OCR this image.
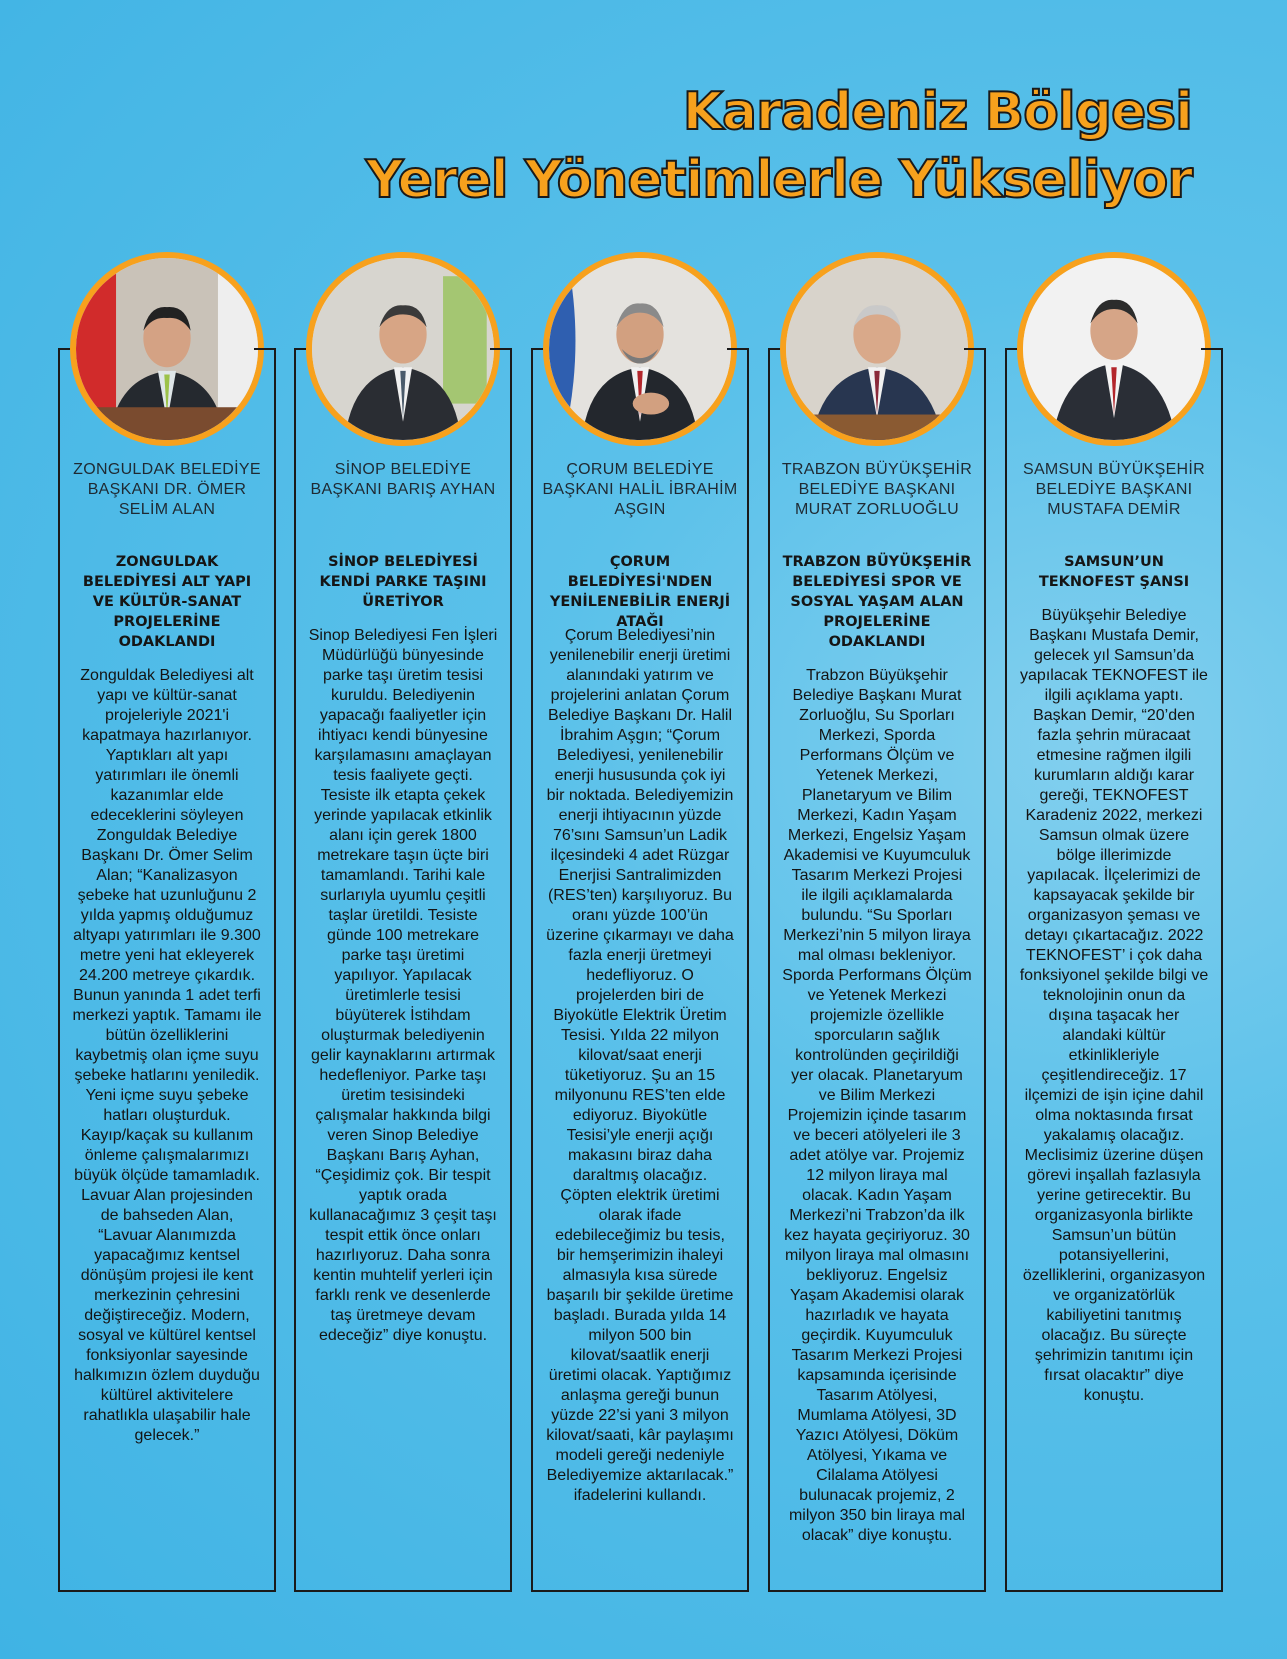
Karadeniz Bölgesi
Yerel Yönetimlerle Yükseliyor
ZONGULDAK BELEDİYE BAŞKANI DR. ÖMER SELİM ALAN
ZONGULDAK BELEDİYESİ ALT YAPI VE KÜLTÜR-SANAT PROJELERİNE ODAKLANDI
Zonguldak Belediyesi alt yapı ve kültür-sanat projeleriyle 2021'i kapatmaya hazırlanıyor. Yaptıkları alt yapı yatırımları ile önemli kazanımlar elde edeceklerini söyleyen Zonguldak Belediye Başkanı Dr. Ömer Selim Alan; “Kanalizasyon şebeke hat uzunluğunu 2 yılda yapmış olduğumuz altyapı yatırımları ile 9.300 metre yeni hat ekleyerek 24.200 metreye çıkardık. Bunun yanında 1 adet terfi merkezi yaptık. Tamamı ile bütün özelliklerini kaybetmiş olan içme suyu şebeke hatlarını yeniledik. Yeni içme suyu şebeke hatları oluşturduk. Kayıp/kaçak su kullanım önleme çalışmalarımızı büyük ölçüde tamamladık. Lavuar Alan projesinden de bahseden Alan, “Lavuar Alanımızda yapacağımız kentsel dönüşüm projesi ile kent merkezinin çehresini değiştireceğiz. Modern, sosyal ve kültürel kentsel fonksiyonlar sayesinde halkımızın özlem duyduğu kültürel aktivitelere rahatlıkla ulaşabilir hale gelecek.”
SİNOP BELEDİYE BAŞKANI BARIŞ AYHAN
SİNOP BELEDİYESİ KENDİ PARKE TAŞINI ÜRETİYOR
Sinop Belediyesi Fen İşleri Müdürlüğü bünyesinde parke taşı üretim tesisi kuruldu. Belediyenin yapacağı faaliyetler için ihtiyacı kendi bünyesine karşılamasını amaçlayan tesis faaliyete geçti. Tesiste ilk etapta çekek yerinde yapılacak etkinlik alanı için gerek 1800 metrekare taşın üçte biri tamamlandı. Tarihi kale surlarıyla uyumlu çeşitli taşlar üretildi. Tesiste günde 100 metrekare parke taşı üretimi yapılıyor. Yapılacak üretimlerle tesisi büyüterek İstihdam oluşturmak belediyenin gelir kaynaklarını artırmak hedefleniyor. Parke taşı üretim tesisindeki çalışmalar hakkında bilgi veren Sinop Belediye Başkanı Barış Ayhan, “Çeşidimiz çok. Bir tespit yaptık orada kullanacağımız 3 çeşit taşı tespit ettik önce onları hazırlıyoruz. Daha sonra kentin muhtelif yerleri için farklı renk ve desenlerde taş üretmeye devam edeceğiz” diye konuştu.
ÇORUM BELEDİYE BAŞKANI HALİL İBRAHİM AŞGIN
ÇORUM BELEDİYESİ'NDEN YENİLENEBİLİR ENERJİ ATAĞI
Çorum Belediyesi’nin yenilenebilir enerji üretimi alanındaki yatırım ve projelerini anlatan Çorum Belediye Başkanı Dr. Halil İbrahim Aşgın; “Çorum Belediyesi, yenilenebilir enerji hususunda çok iyi bir noktada. Belediyemizin enerji ihtiyacının yüzde 76’sını Samsun’un Ladik ilçesindeki 4 adet Rüzgar Enerjisi Santralimizden (RES’ten) karşılıyoruz. Bu oranı yüzde 100’ün üzerine çıkarmayı ve daha fazla enerji üretmeyi hedefliyoruz. O projelerden biri de Biyokütle Elektrik Üretim Tesisi. Yılda 22 milyon kilovat/saat enerji tüketiyoruz. Şu an 15 milyonunu RES’ten elde ediyoruz. Biyokütle Tesisi’yle enerji açığı makasını biraz daha daraltmış olacağız. Çöpten elektrik üretimi olarak ifade edebileceğimiz bu tesis, bir hemşerimizin ihaleyi almasıyla kısa sürede başarılı bir şekilde üretime başladı. Burada yılda 14 milyon 500 bin kilovat/saatlik enerji üretimi olacak. Yaptığımız anlaşma gereği bunun yüzde 22’si yani 3 milyon kilovat/saati, kâr paylaşımı modeli gereği nedeniyle Belediyemize aktarılacak.” ifadelerini kullandı.
TRABZON BÜYÜKŞEHİR BELEDİYE BAŞKANI MURAT ZORLUOĞLU
TRABZON BÜYÜKŞEHİR BELEDİYESİ SPOR VE SOSYAL YAŞAM ALAN PROJELERİNE ODAKLANDI
Trabzon Büyükşehir Belediye Başkanı Murat Zorluoğlu, Su Sporları Merkezi, Sporda Performans Ölçüm ve Yetenek Merkezi, Planetaryum ve Bilim Merkezi, Kadın Yaşam Merkezi, Engelsiz Yaşam Akademisi ve Kuyumculuk Tasarım Merkezi Projesi ile ilgili açıklamalarda bulundu. “Su Sporları Merkezi’nin 5 milyon liraya mal olması bekleniyor. Sporda Performans Ölçüm ve Yetenek Merkezi projemizle özellikle sporcuların sağlık kontrolünden geçirildiği yer olacak. Planetaryum ve Bilim Merkezi Projemizin içinde tasarım ve beceri atölyeleri ile 3 adet atölye var. Projemiz 12 milyon liraya mal olacak. Kadın Yaşam Merkezi’ni Trabzon’da ilk kez hayata geçiriyoruz. 30 milyon liraya mal olmasını bekliyoruz. Engelsiz Yaşam Akademisi olarak hazırladık ve hayata geçirdik. Kuyumculuk Tasarım Merkezi Projesi kapsamında içerisinde Tasarım Atölyesi, Mumlama Atölyesi, 3D Yazıcı Atölyesi, Döküm Atölyesi, Yıkama ve Cilalama Atölyesi bulunacak projemiz, 2 milyon 350 bin liraya mal olacak” diye konuştu.
SAMSUN BÜYÜKŞEHİR BELEDİYE BAŞKANI MUSTAFA DEMİR
SAMSUN’UN TEKNOFEST ŞANSI
Büyükşehir Belediye Başkanı Mustafa Demir, gelecek yıl Samsun’da yapılacak TEKNOFEST ile ilgili açıklama yaptı. Başkan Demir, “20’den fazla şehrin müracaat etmesine rağmen ilgili kurumların aldığı karar gereği, TEKNOFEST Karadeniz 2022, merkezi Samsun olmak üzere bölge illerimizde yapılacak. İlçelerimizi de kapsayacak şekilde bir organizasyon şeması ve detayı çıkartacağız. 2022 TEKNOFEST’ i çok daha fonksiyonel şekilde bilgi ve teknolojinin onun da dışına taşacak her alandaki kültür etkinlikleriyle çeşitlendireceğiz. 17 ilçemizi de işin içine dahil olma noktasında fırsat yakalamış olacağız. Meclisimiz üzerine düşen görevi inşallah fazlasıyla yerine getirecektir. Bu organizasyonla birlikte Samsun’un bütün potansiyellerini, özelliklerini, organizasyon ve organizatörlük kabiliyetini tanıtmış olacağız. Bu süreçte şehrimizin tanıtımı için fırsat olacaktır” diye konuştu.
